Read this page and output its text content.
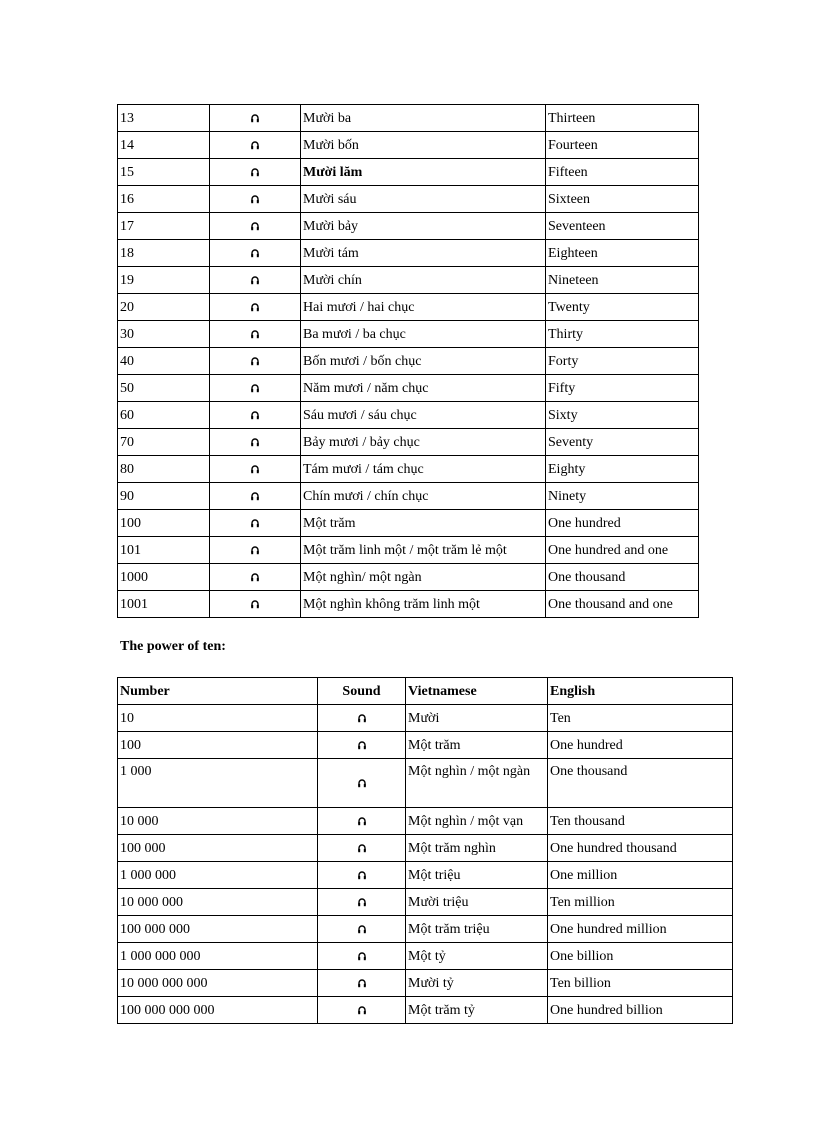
13		Mười ba	Thirteen
14		Mười bốn	Fourteen
15		Mười lăm	Fifteen
16		Mười sáu	Sixteen
17		Mười bảy	Seventeen
18		Mười tám	Eighteen
19		Mười chín	Nineteen
20		Hai mươi / hai chục	Twenty
30		Ba mươi / ba chục	Thirty
40		Bốn mươi / bốn chục	Forty
50		Năm mươi / năm chục	Fifty
60		Sáu mươi / sáu chục	Sixty
70		Bảy mươi / bảy chục	Seventy
80		Tám mươi / tám chục	Eighty
90		Chín mươi / chín chục	Ninety
100		Một trăm	One hundred
101		Một trăm linh một / một trăm lẻ một	One hundred and one
1000		Một nghìn/ một ngàn	One thousand
1001		Một nghìn không trăm linh một	One thousand and one
The power of ten:
Number	Sound	Vietnamese	English
10		Mười	Ten
100		Một trăm	One hundred
1 000		Một nghìn / một ngàn	One thousand
10 000		Một nghìn / một vạn	Ten thousand
100 000		Một trăm nghìn	One hundred thousand
1 000 000		Một triệu	One million
10 000 000		Mười triệu	Ten million
100 000 000		Một trăm triệu	One hundred million
1 000 000 000		Một tỷ	One billion
10 000 000 000		Mười tỷ	Ten billion
100 000 000 000		Một trăm tỷ	One hundred billion
